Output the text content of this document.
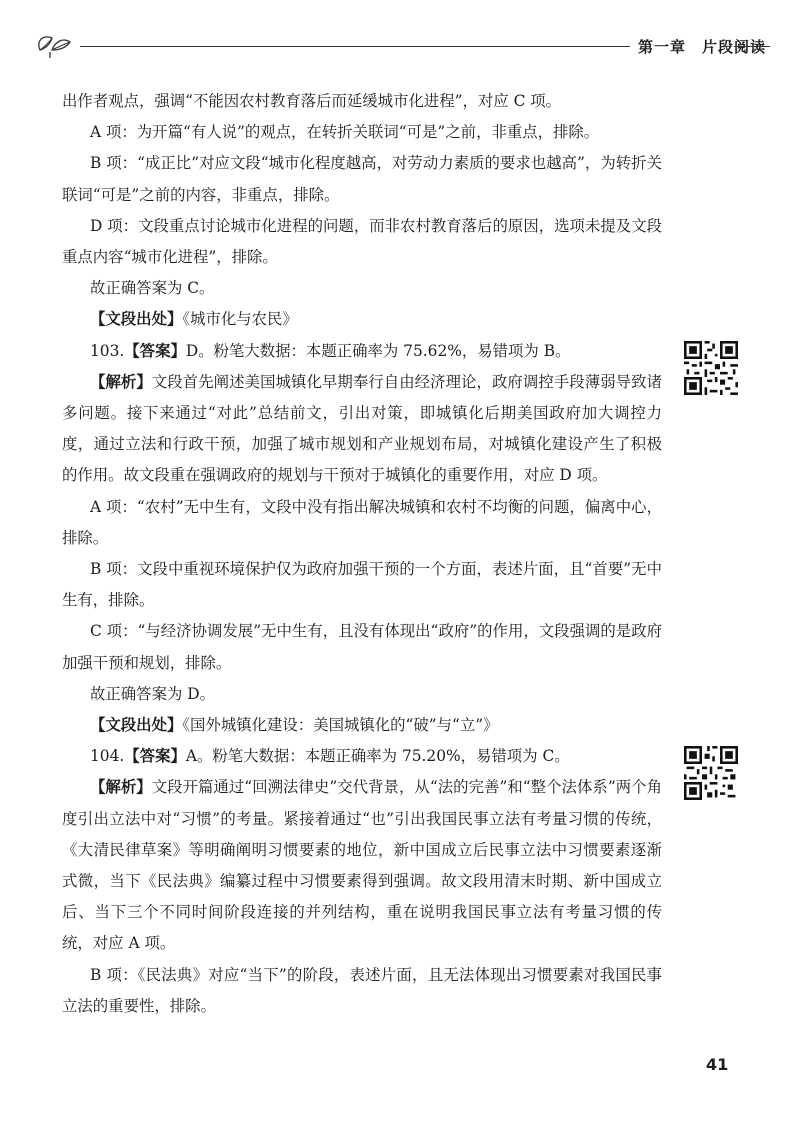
第一章 片段阅读

出作者观点，强调“不能因农村教育落后而延缓城市化进程”，对应 C 项。

A 项：为开篇“有人说”的观点，在转折关联词“可是”之前，非重点，排除。

B 项：“成正比”对应文段“城市化程度越高，对劳动力素质的要求也越高”，为转折关联词“可是”之前的内容，非重点，排除。

D 项：文段重点讨论城市化进程的问题，而非农村教育落后的原因，选项未提及文段重点内容“城市化进程”，排除。

故正确答案为 C。

【文段出处】《城市化与农民》

103.【答案】D。粉笔大数据：本题正确率为 75.62%，易错项为 B。

【解析】文段首先阐述美国城镇化早期奉行自由经济理论，政府调控手段薄弱导致诸多问题。接下来通过“对此”总结前文，引出对策，即城镇化后期美国政府加大调控力度，通过立法和行政干预，加强了城市规划和产业规划布局，对城镇化建设产生了积极的作用。故文段重在强调政府的规划与干预对于城镇化的重要作用，对应 D 项。

A 项：“农村”无中生有，文段中没有指出解决城镇和农村不均衡的问题，偏离中心，排除。

B 项：文段中重视环境保护仅为政府加强干预的一个方面，表述片面，且“首要”无中生有，排除。

C 项：“与经济协调发展”无中生有，且没有体现出“政府”的作用，文段强调的是政府加强干预和规划，排除。

故正确答案为 D。

【文段出处】《国外城镇化建设：美国城镇化的“破”与“立”》

104.【答案】A。粉笔大数据：本题正确率为 75.20%，易错项为 C。

【解析】文段开篇通过“回溯法律史”交代背景，从“法的完善”和“整个法体系”两个角度引出立法中对“习惯”的考量。紧接着通过“也”引出我国民事立法有考量习惯的传统，《大清民律草案》等明确阐明习惯要素的地位，新中国成立后民事立法中习惯要素逐渐式微，当下《民法典》编纂过程中习惯要素得到强调。故文段用清末时期、新中国成立后、当下三个不同时间阶段连接的并列结构，重在说明我国民事立法有考量习惯的传统，对应 A 项。

B 项：《民法典》对应“当下”的阶段，表述片面，且无法体现出习惯要素对我国民事立法的重要性，排除。

41
